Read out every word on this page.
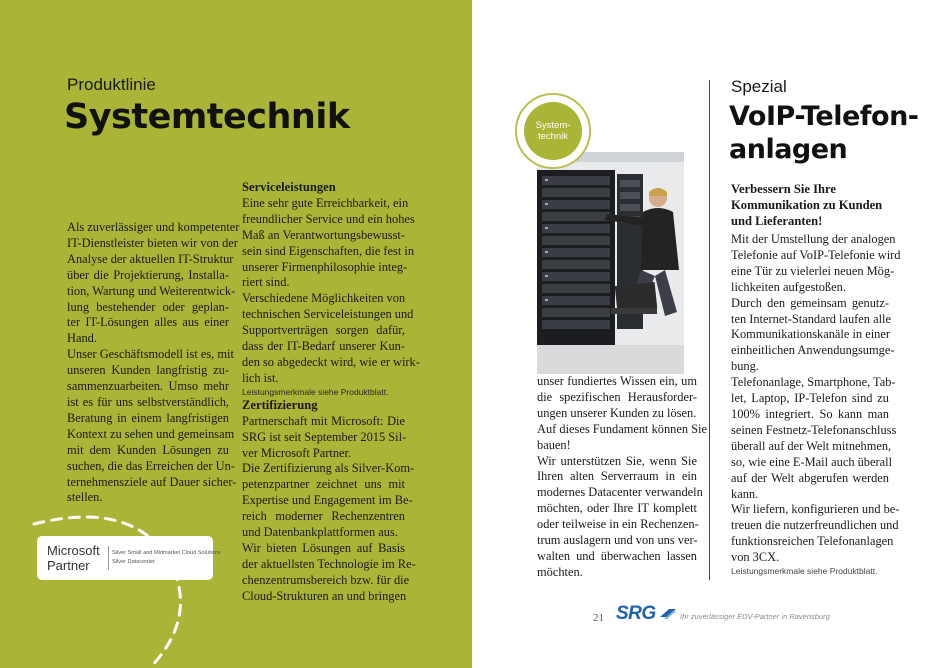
Produktlinie
Systemtechnik

Als zuverlässiger und kompetenter
IT-Dienstleister bieten wir von der
Analyse der aktuellen IT-Struktur
über die Projektierung, Installa-
tion, Wartung und Weiterentwick-
lung bestehender oder geplan-
ter IT-Lösungen alles aus einer
Hand.
Unser Geschäftsmodell ist es, mit
unseren Kunden langfristig zu-
sammenzuarbeiten. Umso mehr
ist es für uns selbstverständlich,
Beratung in einem langfristigen
Kontext zu sehen und gemeinsam
mit dem Kunden Lösungen zu
suchen, die das Erreichen der Un-
ternehmensziele auf Dauer sicher-
stellen.

Serviceleistungen

Eine sehr gute Erreichbarkeit, ein
freundlicher Service und ein hohes
Maß an Verantwortungsbewusst-
sein sind Eigenschaften, die fest in
unserer Firmenphilosophie integ-
riert sind.
Verschiedene Möglichkeiten von
technischen Serviceleistungen und
Supportverträgen sorgen dafür,
dass der IT-Bedarf unserer Kun-
den so abgedeckt wird, wie er wirk-
lich ist.

Leistungsmerkmale siehe Produktblatt.

Zertifizierung

Partnerschaft mit Microsoft: Die
SRG ist seit September 2015 Sil-
ver Microsoft Partner.
Die Zertifizierung als Silver-Kom-
petenzpartner zeichnet uns mit
Expertise und Engagement im Be-
reich moderner Rechenzentren
und Datenbankplattformen aus.
Wir bieten Lösungen auf Basis
der aktuellsten Technologie im Re-
chenzentrumsbereich bzw. für die
Cloud-Strukturen an und bringen

Microsoft
Partner
Silver Small and Midmarket Cloud Solutions
Silver Datacenter
System-
technik

unser fundiertes Wissen ein, um
die spezifischen Herausforder-
ungen unserer Kunden zu lösen.
Auf dieses Fundament können Sie
bauen!
Wir unterstützen Sie, wenn Sie
Ihren alten Serverraum in ein
modernes Datacenter verwandeln
möchten, oder Ihre IT komplett
oder teilweise in ein Rechenzen-
trum auslagern und von uns ver-
walten und überwachen lassen
möchten.

Spezial
VoIP-Telefon-
anlagen

Verbessern Sie Ihre
Kommunikation zu Kunden
und Lieferanten!

Mit der Umstellung der analogen
Telefonie auf VoIP-Telefonie wird
eine Tür zu vielerlei neuen Mög-
lichkeiten aufgestoßen.
Durch den gemeinsam genutz-
ten Internet-Standard laufen alle
Kommunikationskanäle in einer
einheitlichen Anwendungsumge-
bung.
Telefonanlage, Smartphone, Tab-
let, Laptop, IP-Telefon sind zu
100% integriert. So kann man
seinen Festnetz-Telefonanschluss
überall auf der Welt mitnehmen,
so, wie eine E-Mail auch überall
auf der Welt abgerufen werden
kann.
Wir liefern, konfigurieren und be-
treuen die nutzerfreundlichen und
funktionsreichen Telefonanlagen
von 3CX.

Leistungsmerkmale siehe Produktblatt.

21 SRG	Ihr zuverlässiger EDV-Partner in Ravensburg
